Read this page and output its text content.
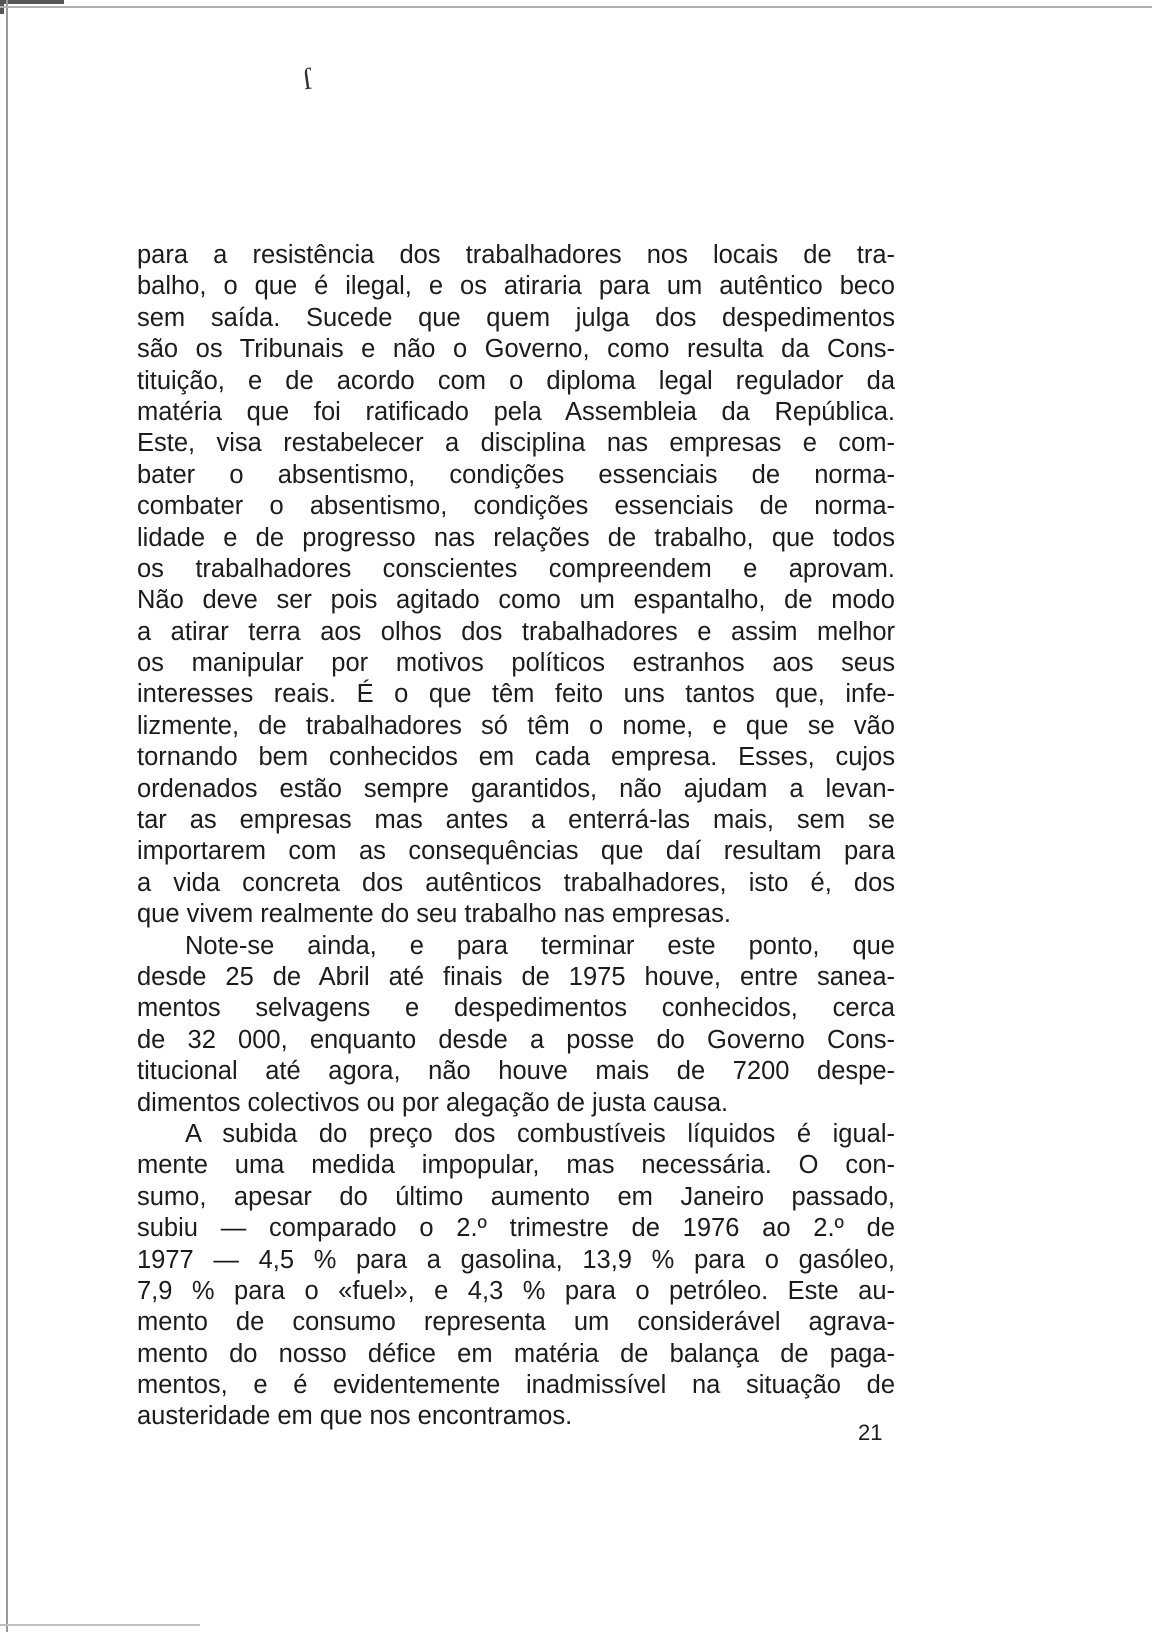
ſ
para a resistência dos trabalhadores nos locais de tra-
balho, o que é ilegal, e os atiraria para um autêntico beco
sem saída. Sucede que quem julga dos despedimentos
são os Tribunais e não o Governo, como resulta da Cons-
tituição, e de acordo com o diploma legal regulador da
matéria que foi ratificado pela Assembleia da República.
Este, visa restabelecer a disciplina nas empresas e com-
bater o absentismo, condições essenciais de norma-
combater o absentismo, condições essenciais de norma-
lidade e de progresso nas relações de trabalho, que todos
os trabalhadores conscientes compreendem e aprovam.
Não deve ser pois agitado como um espantalho, de modo
a atirar terra aos olhos dos trabalhadores e assim melhor
os manipular por motivos políticos estranhos aos seus
interesses reais. É o que têm feito uns tantos que, infe-
lizmente, de trabalhadores só têm o nome, e que se vão
tornando bem conhecidos em cada empresa. Esses, cujos
ordenados estão sempre garantidos, não ajudam a levan-
tar as empresas mas antes a enterrá-las mais, sem se
importarem com as consequências que daí resultam para
a vida concreta dos autênticos trabalhadores, isto é, dos
que vivem realmente do seu trabalho nas empresas.
Note-se ainda, e para terminar este ponto, que
desde 25 de Abril até finais de 1975 houve, entre sanea-
mentos selvagens e despedimentos conhecidos, cerca
de 32 000, enquanto desde a posse do Governo Cons-
titucional até agora, não houve mais de 7200 despe-
dimentos colectivos ou por alegação de justa causa.
A subida do preço dos combustíveis líquidos é igual-
mente uma medida impopular, mas necessária. O con-
sumo, apesar do último aumento em Janeiro passado,
subiu — comparado o 2.º trimestre de 1976 ao 2.º de
1977 — 4,5 % para a gasolina, 13,9 % para o gasóleo,
7,9 % para o «fuel», e 4,3 % para o petróleo. Este au-
mento de consumo representa um considerável agrava-
mento do nosso défice em matéria de balança de paga-
mentos, e é evidentemente inadmissível na situação de
austeridade em que nos encontramos.
21
